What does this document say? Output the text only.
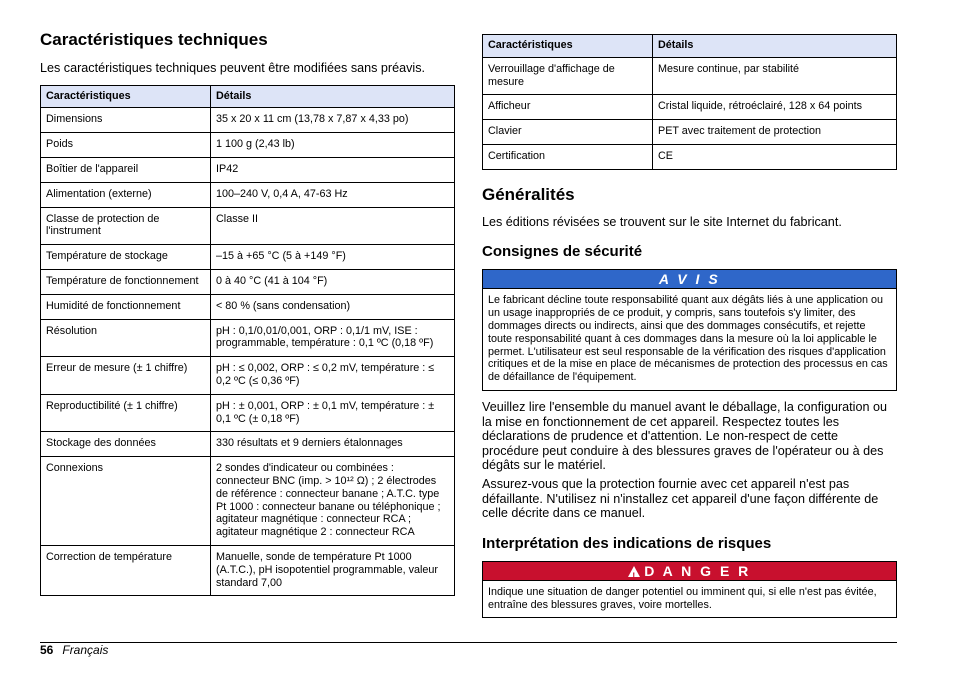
Caractéristiques techniques

Les caractéristiques techniques peuvent être modifiées sans préavis.

Caractéristiques	Détails
Dimensions	35 x 20 x 11 cm (13,78 x 7,87 x 4,33 po)
Poids	1 100 g (2,43 lb)
Boîtier de l'appareil	IP42
Alimentation (externe)	100–240 V, 0,4 A, 47-63 Hz
Classe de protection de l'instrument	Classe II
Température de stockage	–15 à +65 °C (5 à +149 °F)
Température de fonctionnement	0 à 40 °C (41 à 104 °F)
Humidité de fonctionnement	< 80 % (sans condensation)
Résolution	pH : 0,1/0,01/0,001, ORP : 0,1/1 mV, ISE : programmable, température : 0,1 ºC (0,18 ºF)
Erreur de mesure (± 1 chiffre)	pH : ≤ 0,002, ORP : ≤ 0,2 mV, température : ≤ 0,2 ºC (≤ 0,36 ºF)
Reproductibilité (± 1 chiffre)	pH : ± 0,001, ORP : ± 0,1 mV, température : ± 0,1 ºC (± 0,18 ºF)
Stockage des données	330 résultats et 9 derniers étalonnages
Connexions	2 sondes d'indicateur ou combinées : connecteur BNC (imp. > 10¹² Ω) ; 2 électrodes de référence : connecteur banane ; A.T.C. type Pt 1000 : connecteur banane ou téléphonique ; agitateur magnétique : connecteur RCA ; agitateur magnétique 2 : connecteur RCA
Correction de température	Manuelle, sonde de température Pt 1000 (A.T.C.), pH isopotentiel programmable, valeur standard 7,00
Caractéristiques	Détails
Verrouillage d'affichage de mesure	Mesure continue, par stabilité
Afficheur	Cristal liquide, rétroéclairé, 128 x 64 points
Clavier	PET avec traitement de protection
Certification	CE
Généralités

Les éditions révisées se trouvent sur le site Internet du fabricant.

Consignes de sécurité
A V I S
Le fabricant décline toute responsabilité quant aux dégâts liés à une application ou un usage inappropriés de ce produit, y compris, sans toutefois s'y limiter, des dommages directs ou indirects, ainsi que des dommages consécutifs, et rejette toute responsabilité quant à ces dommages dans la mesure où la loi applicable le permet. L'utilisateur est seul responsable de la vérification des risques d'application critiques et de la mise en place de mécanismes de protection des processus en cas de défaillance de l'équipement.

Veuillez lire l'ensemble du manuel avant le déballage, la configuration ou la mise en fonctionnement de cet appareil. Respectez toutes les déclarations de prudence et d'attention. Le non-respect de cette procédure peut conduire à des blessures graves de l'opérateur ou à des dégâts sur le matériel.

Assurez-vous que la protection fournie avec cet appareil n'est pas défaillante. N'utilisez ni n'installez cet appareil d'une façon différente de celle décrite dans ce manuel.

Interprétation des indications de risques
!D A N G E R
Indique une situation de danger potentiel ou imminent qui, si elle n'est pas évitée, entraîne des blessures graves, voire mortelles.
56 Français
